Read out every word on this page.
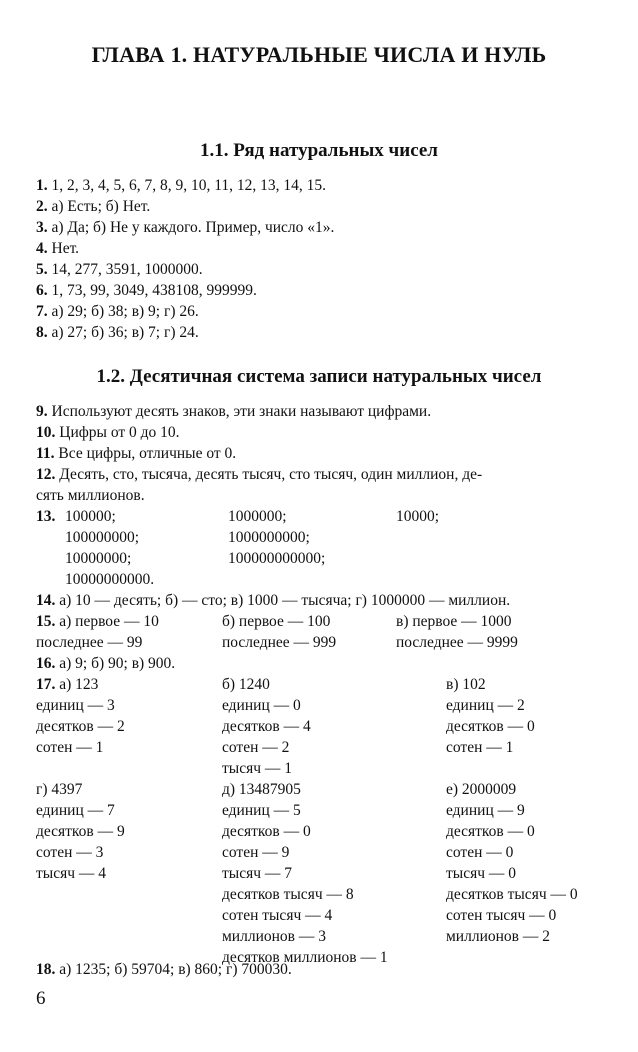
ГЛАВА 1. НАТУРАЛЬНЫЕ ЧИСЛА И НУЛЬ
1.1. Ряд натуральных чисел
1. 1, 2, 3, 4, 5, 6, 7, 8, 9, 10, 11, 12, 13, 14, 15.
2. а) Есть; б) Нет.
3. а) Да; б) Не у каждого. Пример, число «1».
4. Нет.
5. 14, 277, 3591, 1000000.
6. 1, 73, 99, 3049, 438108, 999999.
7. а) 29; б) 38; в) 9; г) 26.
8. а) 27; б) 36; в) 7; г) 24.
1.2. Десятичная система записи натуральных чисел
9. Используют десять знаков, эти знаки называют цифрами.
10. Цифры от 0 до 10.
11. Все цифры, отличные от 0.
12. Десять, сто, тысяча, десять тысяч, сто тысяч, один миллион, де-
сять миллионов.
13. 100000;
100000000;
10000000;
10000000000.
1000000;
1000000000;
100000000000;
10000;
14. а) 10 — десять; б) — сто; в) 1000 — тысяча; г) 1000000 — миллион.
15. а) первое — 10
последнее — 99
б) первое — 100
последнее — 999
в) первое — 1000
последнее — 9999
16. а) 9; б) 90; в) 900.
17. а) 123
единиц — 3
десятков — 2
сотен — 1
б) 1240
единиц — 0
десятков — 4
сотен — 2
тысяч — 1
в) 102
единиц — 2
десятков — 0
сотен — 1
г) 4397
единиц — 7
десятков — 9
сотен — 3
тысяч — 4
д) 13487905
единиц — 5
десятков — 0
сотен — 9
тысяч — 7
десятков тысяч — 8
сотен тысяч — 4
миллионов — 3
десятков миллионов — 1
е) 2000009
единиц — 9
десятков — 0
сотен — 0
тысяч — 0
десятков тысяч — 0
сотен тысяч — 0
миллионов — 2
18. а) 1235; б) 59704; в) 860; г) 700030.
6
